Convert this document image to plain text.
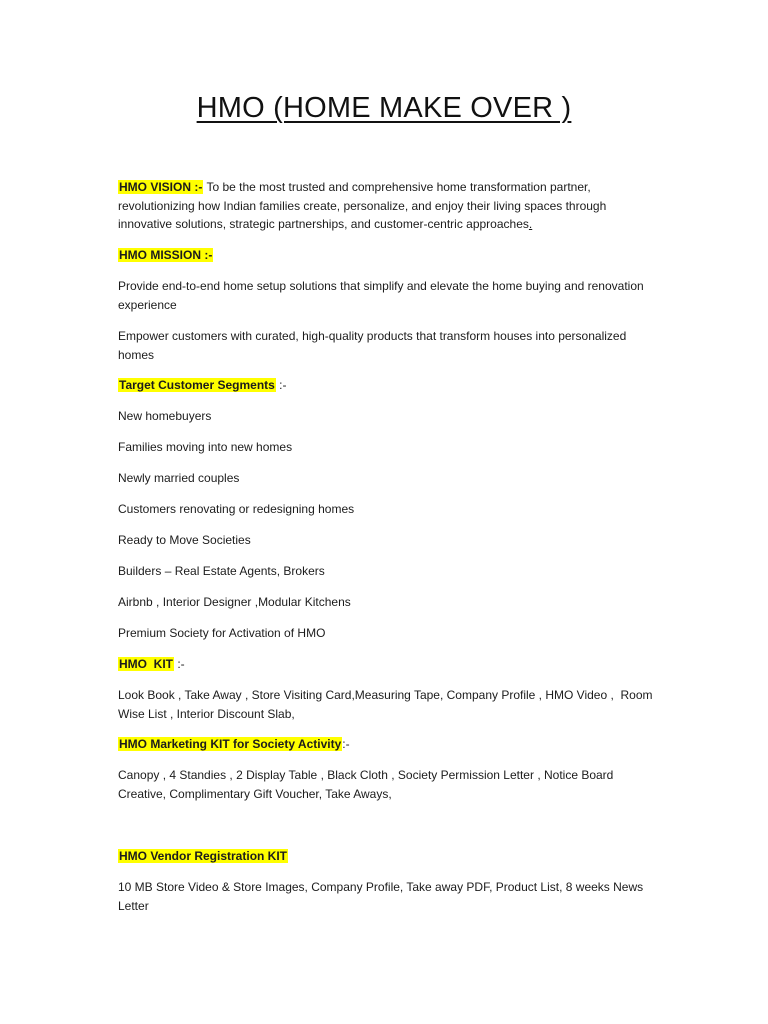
HMO (HOME MAKE OVER )

HMO VISION :- To be the most trusted and comprehensive home transformation partner, revolutionizing how Indian families create, personalize, and enjoy their living spaces through innovative solutions, strategic partnerships, and customer-centric approaches.

HMO MISSION :-

Provide end-to-end home setup solutions that simplify and elevate the home buying and renovation experience

Empower customers with curated, high-quality products that transform houses into personalized homes

Target Customer Segments :-

New homebuyers

Families moving into new homes

Newly married couples

Customers renovating or redesigning homes

Ready to Move Societies

Builders – Real Estate Agents, Brokers

Airbnb , Interior Designer ,Modular Kitchens

Premium Society for Activation of HMO

HMO  KIT :-

Look Book , Take Away , Store Visiting Card,Measuring Tape, Company Profile , HMO Video ,  Room Wise List , Interior Discount Slab,

HMO Marketing KIT for Society Activity:-

Canopy , 4 Standies , 2 Display Table , Black Cloth , Society Permission Letter , Notice Board Creative, Complimentary Gift Voucher, Take Aways,

HMO Vendor Registration KIT

10 MB Store Video & Store Images, Company Profile, Take away PDF, Product List, 8 weeks News Letter
